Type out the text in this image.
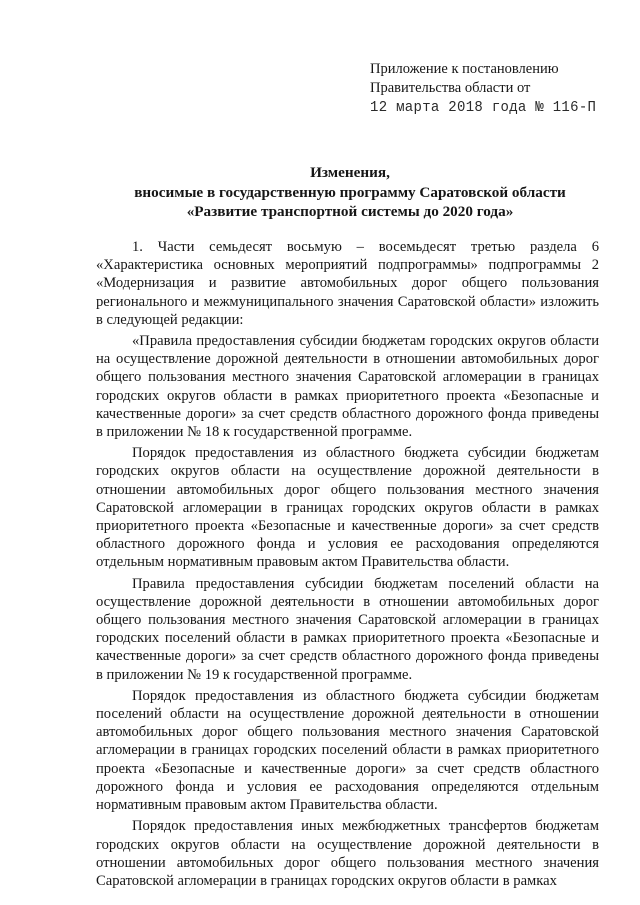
Приложение к постановлению
Правительства области от
12 марта 2018 года № 116-П
Изменения,
вносимые в государственную программу Саратовской области
«Развитие транспортной системы до 2020 года»

1. Части семьдесят восьмую – восемьдесят третью раздела 6 «Характеристика основных мероприятий подпрограммы» подпрограммы 2 «Модернизация и развитие автомобильных дорог общего пользования регионального и межмуниципального значения Саратовской области» изложить в следующей редакции:

«Правила предоставления субсидии бюджетам городских округов области на осуществление дорожной деятельности в отношении автомобильных дорог общего пользования местного значения Саратовской агломерации в границах городских округов области в рамках приоритетного проекта «Безопасные и качественные дороги» за счет средств областного дорожного фонда приведены в приложении № 18 к государственной программе.

Порядок предоставления из областного бюджета субсидии бюджетам городских округов области на осуществление дорожной деятельности в отношении автомобильных дорог общего пользования местного значения Саратовской агломерации в границах городских округов области в рамках приоритетного проекта «Безопасные и качественные дороги» за счет средств областного дорожного фонда и условия ее расходования определяются отдельным нормативным правовым актом Правительства области.

Правила предоставления субсидии бюджетам поселений области на осуществление дорожной деятельности в отношении автомобильных дорог общего пользования местного значения Саратовской агломерации в границах городских поселений области в рамках приоритетного проекта «Безопасные и качественные дороги» за счет средств областного дорожного фонда приведены в приложении № 19 к государственной программе.

Порядок предоставления из областного бюджета субсидии бюджетам поселений области на осуществление дорожной деятельности в отношении автомобильных дорог общего пользования местного значения Саратовской агломерации в границах городских поселений области в рамках приоритетного проекта «Безопасные и качественные дороги» за счет средств областного дорожного фонда и условия ее расходования определяются отдельным нормативным правовым актом Правительства области.

Порядок предоставления иных межбюджетных трансфертов бюджетам городских округов области на осуществление дорожной деятельности в отношении автомобильных дорог общего пользования местного значения Саратовской агломерации в границах городских округов области в рамках
